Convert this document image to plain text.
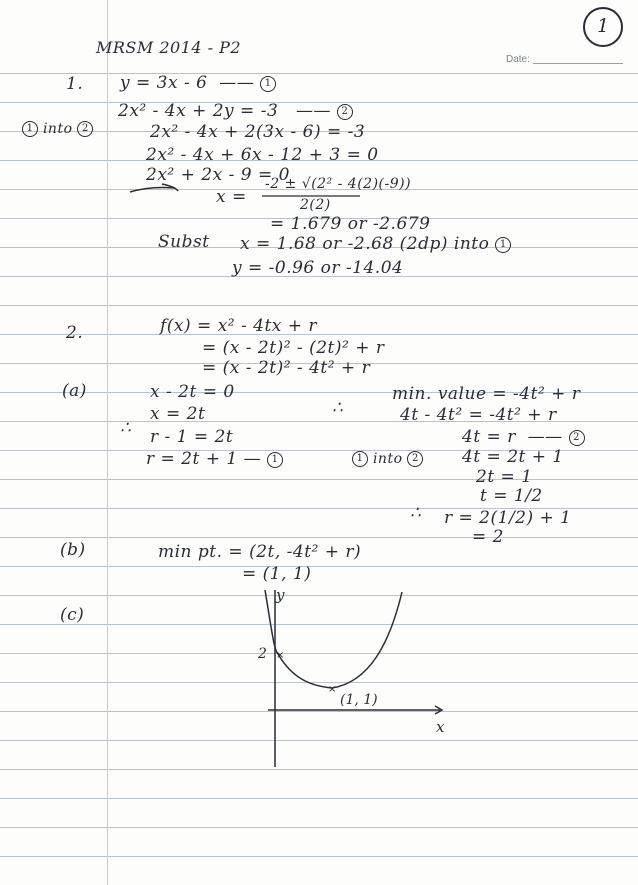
1
MRSM 2014 - P2
Date:
1. y = 3x - 6  —— 1
2x² - 4x + 2y = -3   —— 2
1 into 2	2x² - 4x + 2(3x - 6) = -3
2x² - 4x + 6x - 12 + 3 = 0
2x² + 2x - 9 = 0
x =
-2 ± √(2² - 4(2)(-9))
2(2)
= 1.679 or -2.679
Subst x = 1.68 or -2.68 (2dp) into 1
y = -0.96 or -14.04
2.	f(x) = x² - 4tx + r
= (x - 2t)² - (2t)² + r
= (x - 2t)² - 4t² + r
(a)	x - 2t = 0
x = 2t
∴ r - 1 = 2t
r = 2t + 1 — 1
min. value = -4t² + r
∴	4t - 4t² = -4t² + r
4t = r  —— 2
1 into 2	4t = 2t + 1
2t = 1
t = 1/2
∴ r = 2(1/2) + 1
= 2
(b)	min pt. = (2t, -4t² + r)
= (1, 1)
(c)
y
x
2 ×
×
(1, 1)
